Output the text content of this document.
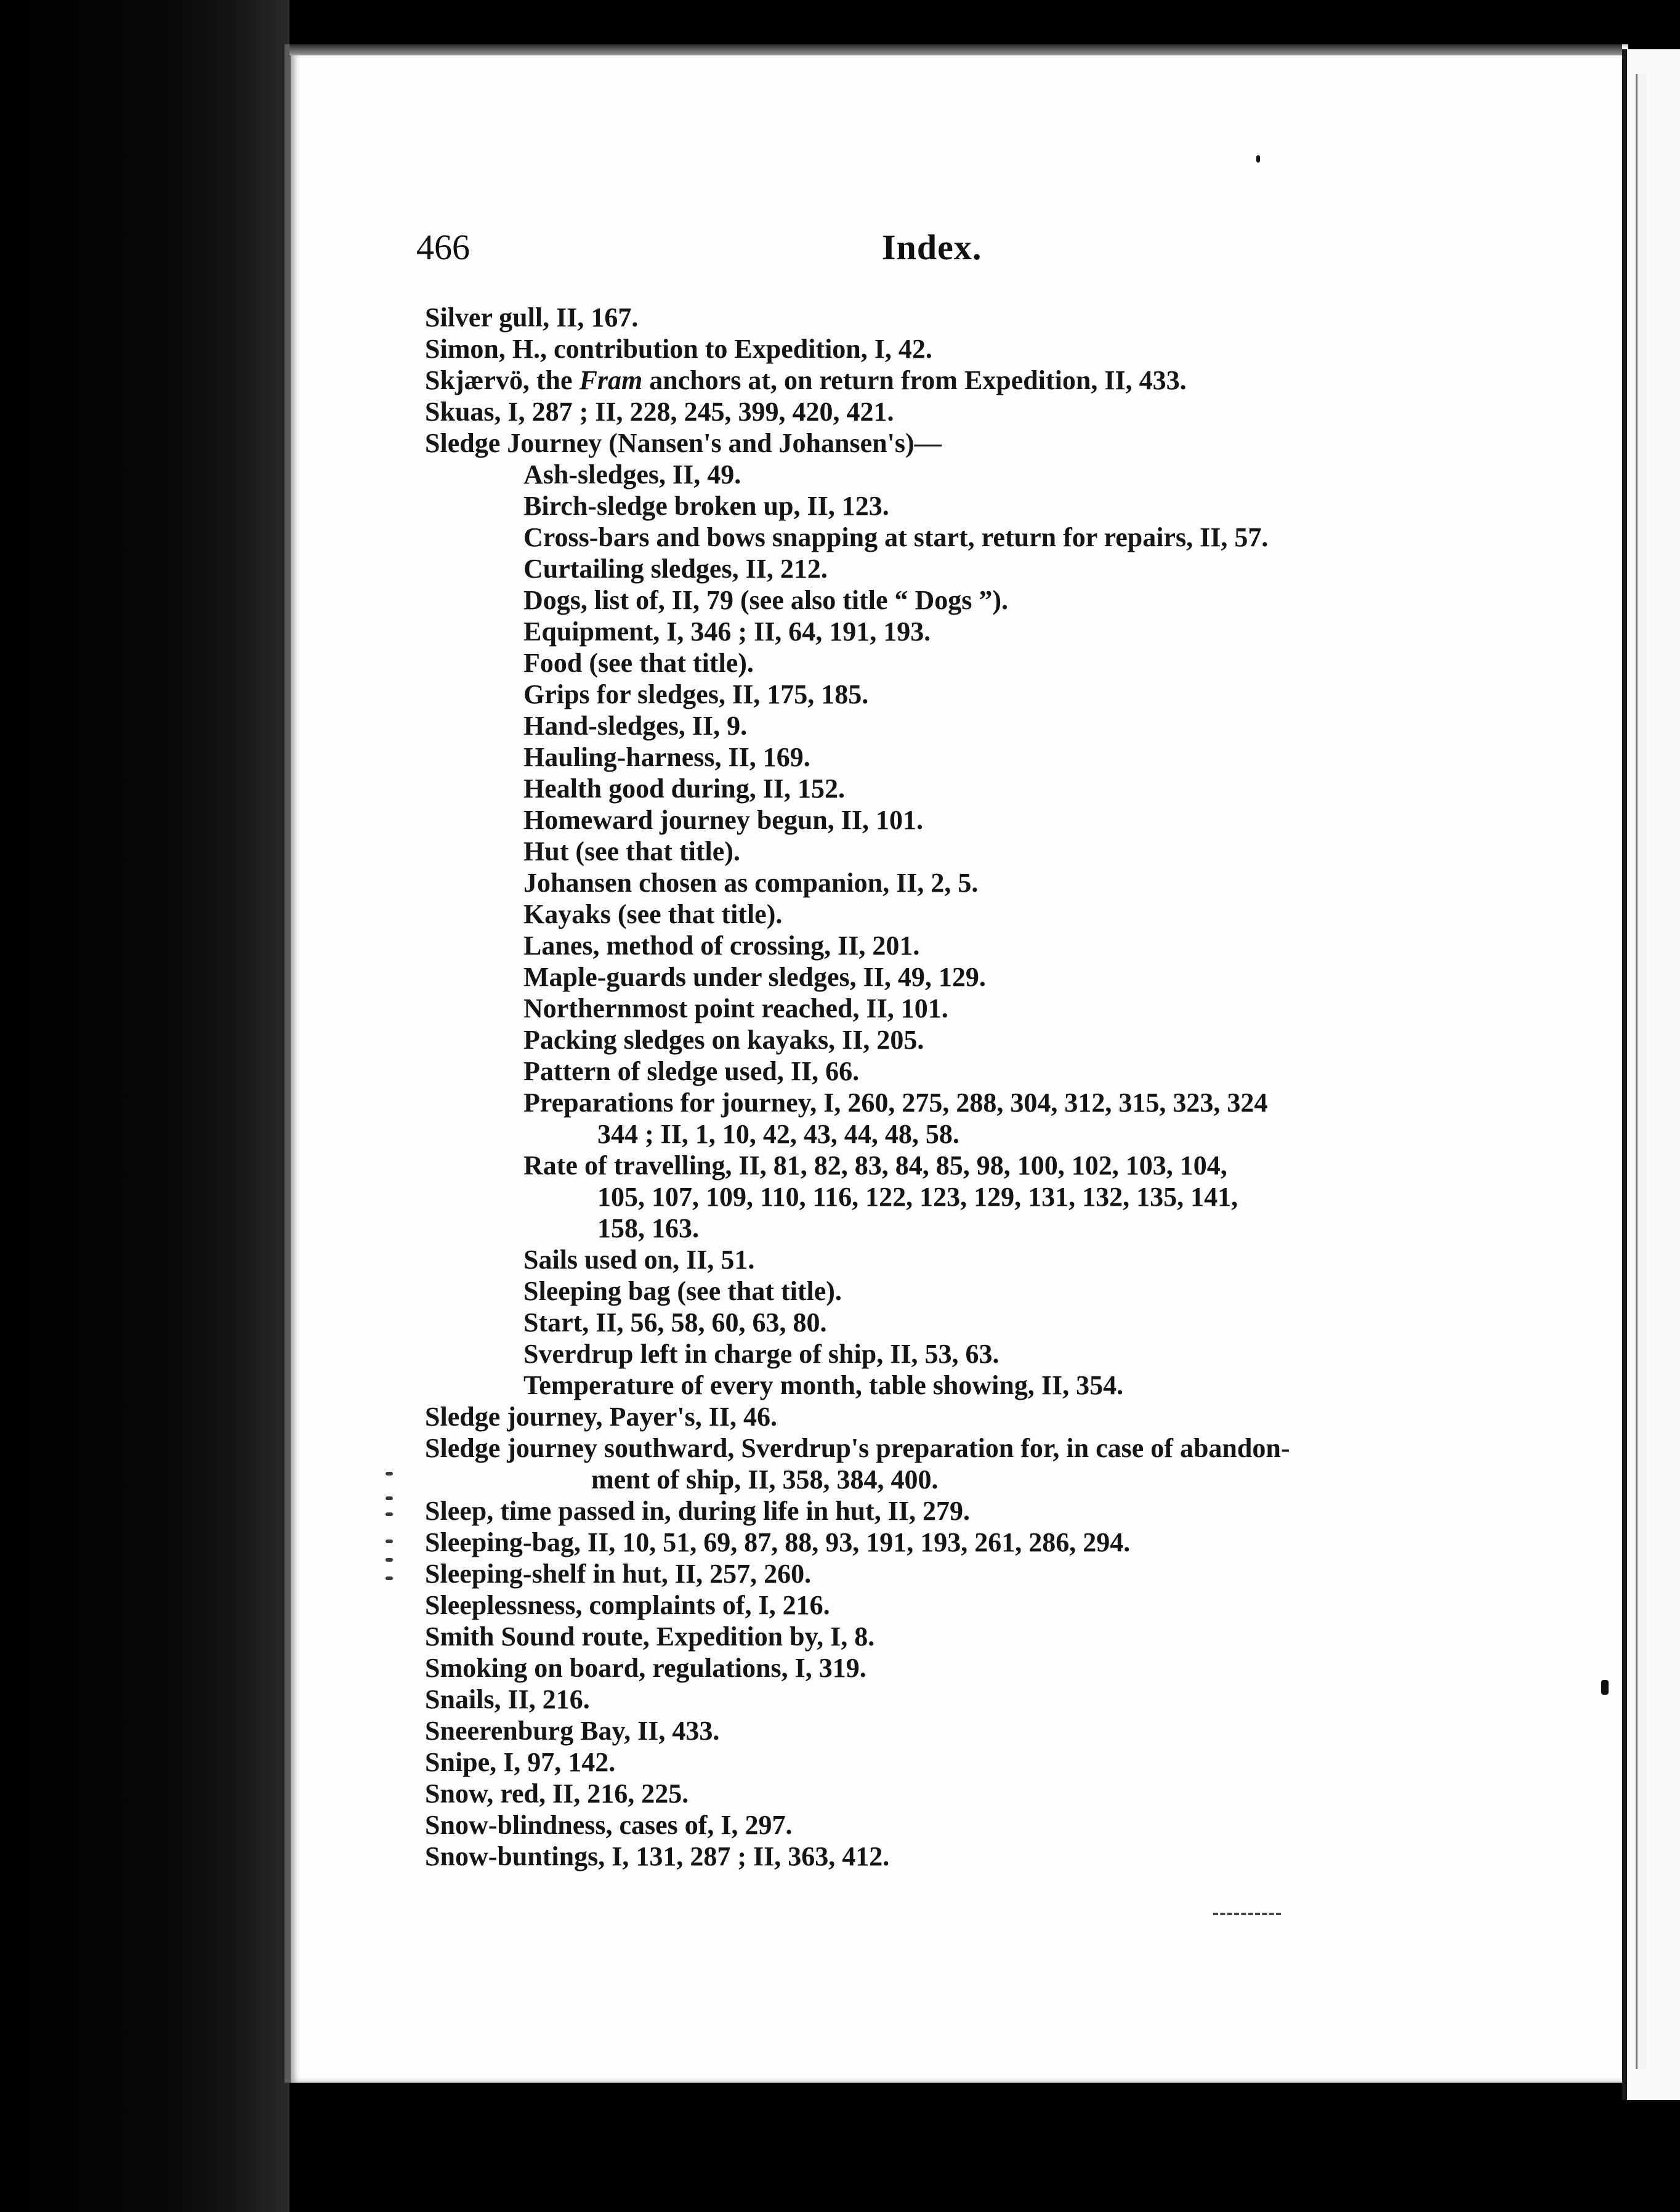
466	Index.
Silver gull, II, 167.
Simon, H., contribution to Expedition, I, 42.
Skjærvö, the Fram anchors at, on return from Expedition, II, 433.
Skuas, I, 287 ; II, 228, 245, 399, 420, 421.
Sledge Journey (Nansen's and Johansen's)—
Ash-sledges, II, 49.
Birch-sledge broken up, II, 123.
Cross-bars and bows snapping at start, return for repairs, II, 57.
Curtailing sledges, II, 212.
Dogs, list of, II, 79 (see also title “ Dogs ”).
Equipment, I, 346 ; II, 64, 191, 193.
Food (see that title).
Grips for sledges, II, 175, 185.
Hand-sledges, II, 9.
Hauling-harness, II, 169.
Health good during, II, 152.
Homeward journey begun, II, 101.
Hut (see that title).
Johansen chosen as companion, II, 2, 5.
Kayaks (see that title).
Lanes, method of crossing, II, 201.
Maple-guards under sledges, II, 49, 129.
Northernmost point reached, II, 101.
Packing sledges on kayaks, II, 205.
Pattern of sledge used, II, 66.
Preparations for journey, I, 260, 275, 288, 304, 312, 315, 323, 324
344 ; II, 1, 10, 42, 43, 44, 48, 58.
Rate of travelling, II, 81, 82, 83, 84, 85, 98, 100, 102, 103, 104,
105, 107, 109, 110, 116, 122, 123, 129, 131, 132, 135, 141,
158, 163.
Sails used on, II, 51.
Sleeping bag (see that title).
Start, II, 56, 58, 60, 63, 80.
Sverdrup left in charge of ship, II, 53, 63.
Temperature of every month, table showing, II, 354.
Sledge journey, Payer's, II, 46.
Sledge journey southward, Sverdrup's preparation for, in case of abandon-
ment of ship, II, 358, 384, 400.
Sleep, time passed in, during life in hut, II, 279.
Sleeping-bag, II, 10, 51, 69, 87, 88, 93, 191, 193, 261, 286, 294.
Sleeping-shelf in hut, II, 257, 260.
Sleeplessness, complaints of, I, 216.
Smith Sound route, Expedition by, I, 8.
Smoking on board, regulations, I, 319.
Snails, II, 216.
Sneerenburg Bay, II, 433.
Snipe, I, 97, 142.
Snow, red, II, 216, 225.
Snow-blindness, cases of, I, 297.
Snow-buntings, I, 131, 287 ; II, 363, 412.
